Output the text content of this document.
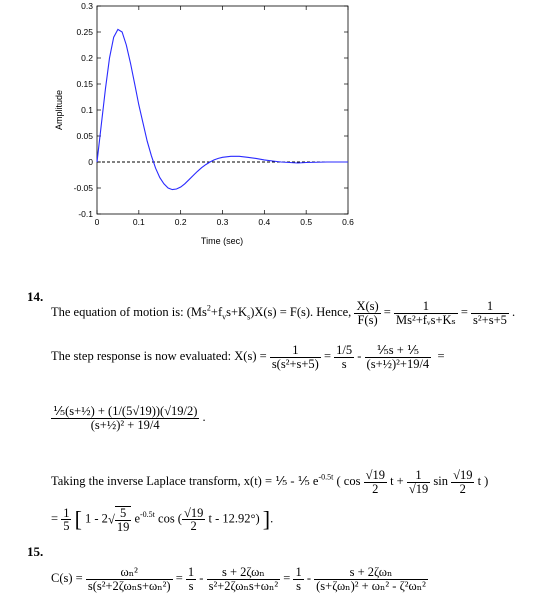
-0.1
-0.05
0
0.05
0.1
0.15
0.2
0.25
0.3
0	0.1	0.2	0.3	0.4	0.5	0.6
Amplitude
Time (sec)
14.
The equation of motion is: $(Ms^2+f_vs+K_s)X(s) = F(s)$. Hence, $\frac{X(s)}{F(s)} = \frac{1}{\text{Ms²+fᵥs+Kₛ}} = \frac{1}{\text{s²+s+5}}$ .
The step response is now evaluated: $X(s) = \frac{1}{\text{s(s²+s+5)}} = \frac{1/5}{s} - \frac{\text{⅕s + ⅕}}{\text{(s+½)²+19/4}}$ =
$\frac{\text{⅕(s+½) + (1/(5√19))(√19/2)}}{\text{(s+½)² + 19/4}}$ .
Taking the inverse Laplace transform, x(t) = ⅕ - ⅕ $e^{-0.5t}$ ( $\cos \frac{√19}{2}$ $t + \frac{1}{√19}$ $\sin \frac{√19}{2}$ t )
= $\frac{1}{5}$ [ $1 - 2√ \frac{5}{19} e^{-0.5t}$ cos ( $\frac{√19}{2}$ t - 12.92°) ].
15.
$C(s) = \frac{\text{ωₙ²}}{\text{s(s²+2ζωₙs+ωₙ²)}} = \frac{1}{s} - \frac{\text{s + 2ζωₙ}}{\text{s²+2ζωₙs+ωₙ²}} = \frac{1}{s} - \frac{\text{s + 2ζωₙ}}{\text{(s+ζωₙ)² + ωₙ² - ζ²ωₙ²}}$
